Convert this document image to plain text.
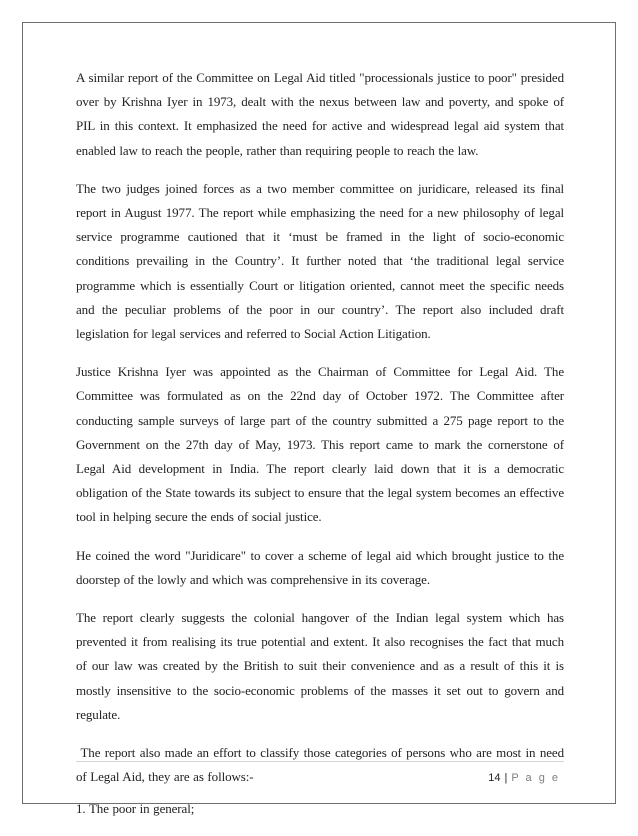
A similar report of the Committee on Legal Aid titled "processionals justice to poor" presided over by Krishna Iyer in 1973, dealt with the nexus between law and poverty, and spoke of PIL in this context. It emphasized the need for active and widespread legal aid system that enabled law to reach the people, rather than requiring people to reach the law.

The two judges joined forces as a two member committee on juridicare, released its final report in August 1977. The report while emphasizing the need for a new philosophy of legal service programme cautioned that it ‘must be framed in the light of socio-economic conditions prevailing in the Country’. It further noted that ‘the traditional legal service programme which is essentially Court or litigation oriented, cannot meet the specific needs and the peculiar problems of the poor in our country’. The report also included draft legislation for legal services and referred to Social Action Litigation.

Justice Krishna Iyer was appointed as the Chairman of Committee for Legal Aid. The Committee was formulated as on the 22nd day of October 1972. The Committee after conducting sample surveys of large part of the country submitted a 275 page report to the Government on the 27th day of May, 1973. This report came to mark the cornerstone of Legal Aid development in India. The report clearly laid down that it is a democratic obligation of the State towards its subject to ensure that the legal system becomes an effective tool in helping secure the ends of social justice.

He coined the word "Juridicare" to cover a scheme of legal aid which brought justice to the doorstep of the lowly and which was comprehensive in its coverage.

The report clearly suggests the colonial hangover of the Indian legal system which has prevented it from realising its true potential and extent. It also recognises the fact that much of our law was created by the British to suit their convenience and as a result of this it is mostly insensitive to the socio-economic problems of the masses it set out to govern and regulate.

The report also made an effort to classify those categories of persons who are most in need of Legal Aid, they are as follows:-

1. The poor in general;

14 | P a g e
